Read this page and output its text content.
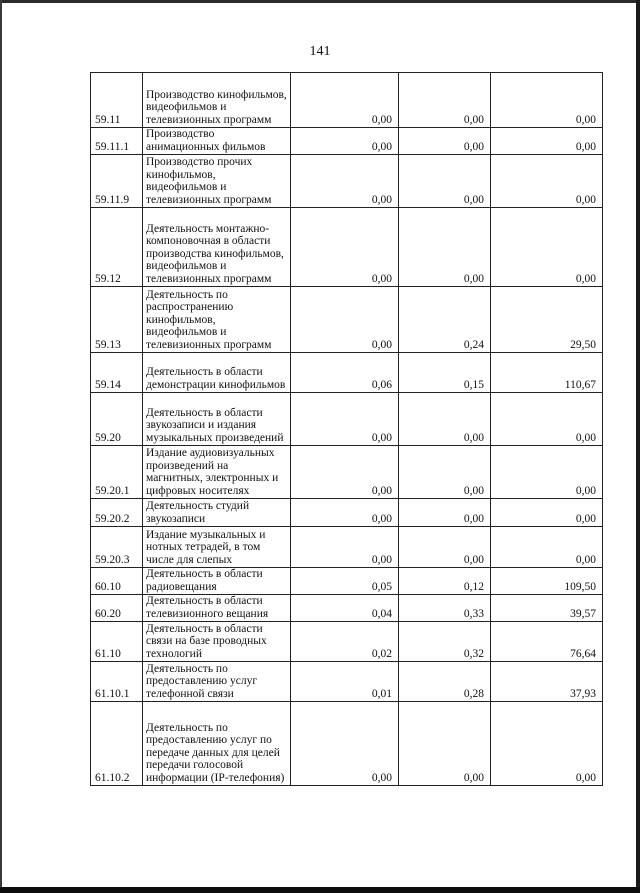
141
59.11	Производство кинофильмов, видеофильмов и телевизионных программ	0,00	0,00	0,00
59.11.1	Производство анимационных фильмов	0,00	0,00	0,00
59.11.9	Производство прочих кинофильмов, видеофильмов и телевизионных программ	0,00	0,00	0,00
59.12	Деятельность монтажно-компоновочная в области производства кинофильмов, видеофильмов и телевизионных программ	0,00	0,00	0,00
59.13	Деятельность по распространению кинофильмов, видеофильмов и телевизионных программ	0,00	0,24	29,50
59.14	Деятельность в области демонстрации кинофильмов	0,06	0,15	110,67
59.20	Деятельность в области звукозаписи и издания музыкальных произведений	0,00	0,00	0,00
59.20.1	Издание аудиовизуальных произведений на магнитных, электронных и цифровых носителях	0,00	0,00	0,00
59.20.2	Деятельность студий звукозаписи	0,00	0,00	0,00
59.20.3	Издание музыкальных и нотных тетрадей, в том числе для слепых	0,00	0,00	0,00
60.10	Деятельность в области радиовещания	0,05	0,12	109,50
60.20	Деятельность в области телевизионного вещания	0,04	0,33	39,57
61.10	Деятельность в области связи на базе проводных технологий	0,02	0,32	76,64
61.10.1	Деятельность по предоставлению услуг телефонной связи	0,01	0,28	37,93
61.10.2	Деятельность по предоставлению услуг по передаче данных для целей передачи голосовой информации (IP-телефония)	0,00	0,00	0,00
